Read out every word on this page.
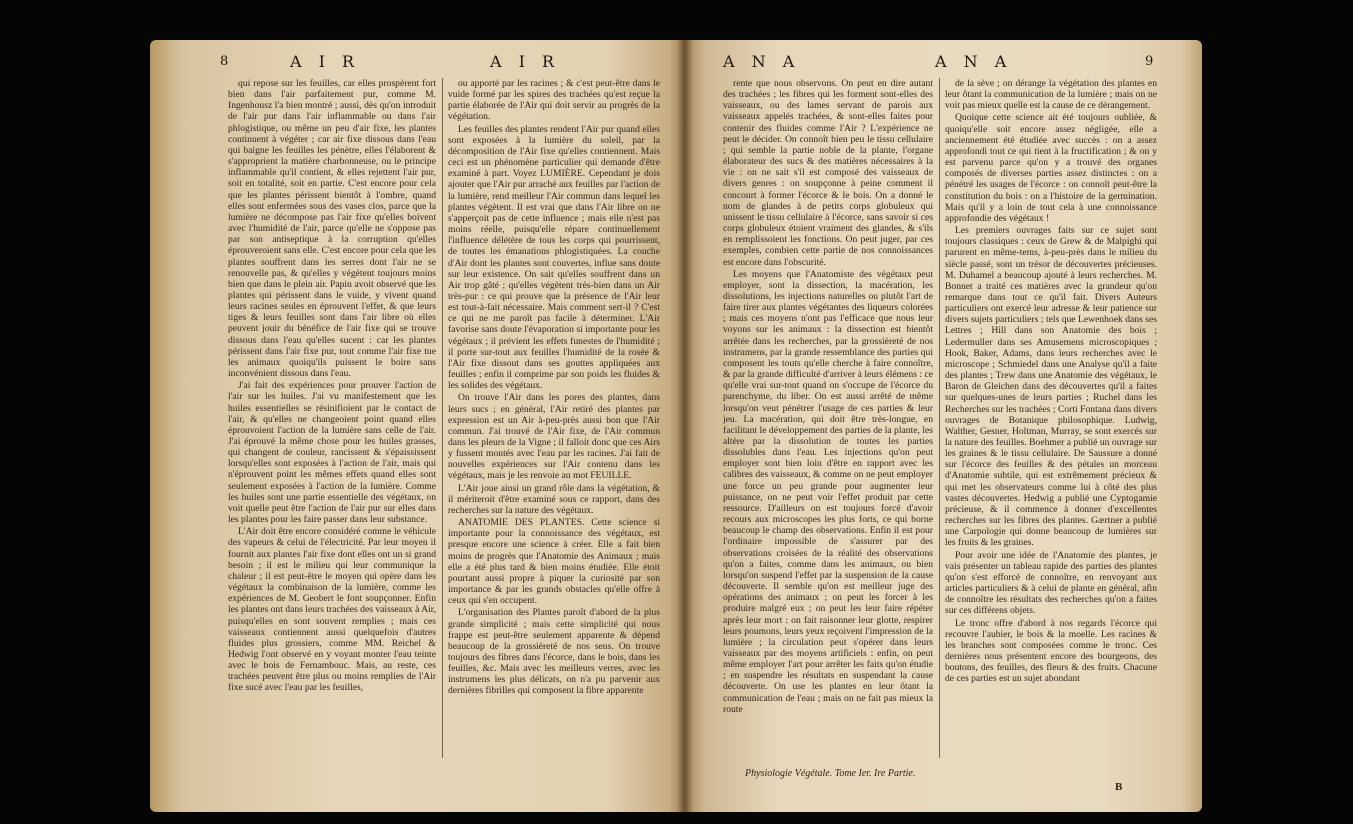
8	A I R	A I R

qui repose sur les feuilles, car elles prospèrent fort bien dans l'air parfaitement pur, comme M. Ingenhousz l'a bien montré ; aussi, dès qu'on introduit de l'air pur dans l'air inflammable ou dans l'air phlogistique, ou même un peu d'air fixe, les plantes continuent à végéter ; car air fixe dissous dans l'eau qui baigne les feuilles les pénètre, elles l'élaborent & s'approprient la matière charbonneuse, ou le principe inflammable qu'il contient, & elles rejettent l'air pur, soit en totalité, soit en partie. C'est encore pour cela que les plantes périssent bientôt à l'ombre, quand elles sont enfermées sous des vases clos, parce que la lumière ne décompose pas l'air fixe qu'elles boivent avec l'humidité de l'air, parce qu'elle ne s'oppose pas par son antiseptique à la corruption qu'elles éprouveroient sans elle. C'est encore pour cela que les plantes souffrent dans les serres dont l'air ne se renouvelle pas, & qu'elles y végètent toujours moins bien que dans le plein air. Papin avoit observé que les plantes qui périssent dans le vuide, y vivent quand leurs racines seules en éprouvent l'effet, & que leurs tiges & leurs feuilles sont dans l'air libre où elles peuvent jouir du bénéfice de l'air fixe qui se trouve dissous dans l'eau qu'elles sucent : car les plantes périssent dans l'air fixe pur, tout comme l'air fixe tue les animaux quoiqu'ils puissent le boire sans inconvénient dissous dans l'eau.

J'ai fait des expériences pour prouver l'action de l'air sur les huiles. J'ai vu manifestement que les huiles essentielles se résinifioient par le contact de l'air, & qu'elles ne changeoient point quand elles éprouvoient l'action de la lumière sans celle de l'air. J'ai éprouvé la même chose pour les huiles grasses, qui changent de couleur, rancissent & s'épaississent lorsqu'elles sont exposées à l'action de l'air, mais qui n'éprouvent point les mêmes effets quand elles sont seulement exposées à l'action de la lumière. Comme les huiles sont une partie essentielle des végétaux, on voit quelle peut être l'action de l'air pur sur elles dans les plantes pour les faire passer dans leur substance.

L'Air doit être encore considéré comme le véhicule des vapeurs & celui de l'électricité. Par leur moyen il fournit aux plantes l'air fixe dont elles ont un si grand besoin ; il est le milieu qui leur communique la chaleur ; il est peut-être le moyen qui opère dans les végétaux la combinaison de la lumière, comme les expériences de M. Geobert le font soupçonner. Enfin les plantes ont dans leurs trachées des vaisseaux à Air, puisqu'elles en sont souvent remplies ; mais ces vaisseaux contiennent aussi quelquefois d'autres fluides plus grossiers, comme MM. Reichel & Hedwig l'ont observé en y voyant monter l'eau teinte avec le bois de Fernambouc. Mais, au reste, ces trachées peuvent être plus ou moins remplies de l'Air fixe sucé avec l'eau par les feuilles,

ou apporté par les racines ; & c'est peut-être dans le vuide formé par les spires des trachées qu'est reçue la partie élaborée de l'Air qui doit servir au progrès de la végétation.

Les feuilles des plantes rendent l'Air pur quand elles sont exposées à la lumière du soleil, par la décomposition de l'Air fixe qu'elles contiennent. Mais ceci est un phénomène particulier qui demande d'être examiné à part. Voyez LUMIÈRE. Cependant je dois ajouter que l'Air pur arraché aux feuilles par l'action de la lumière, rend meilleur l'Air commun dans lequel les plantes végètent. Il est vrai que dans l'Air libre on ne s'apperçoit pas de cette influence ; mais elle n'est pas moins réelle, puisqu'elle répare continuellement l'influence délétère de tous les corps qui pourrissent, de toutes les émanations phlogistiquées. La couche d'Air dont les plantes sont couvertes, influe sans doute sur leur existence. On sait qu'elles souffrent dans un Air trop gâté ; qu'elles végètent très-bien dans un Air très-pur : ce qui prouve que la présence de l'Air leur est tout-à-fait nécessaire. Mais comment sert-il ? C'est ce qui ne me paroît pas facile à déterminer. L'Air favorise sans doute l'évaporation si importante pour les végétaux ; il prévient les effets funestes de l'humidité ; il porte sur-tout aux feuilles l'humidité de la rosée & l'Air fixe dissout dans ses gouttes appliquées aux feuilles ; enfin il comprime par son poids les fluides & les solides des végétaux.

On trouve l'Air dans les pores des plantes, dans leurs sucs ; en général, l'Air retiré des plantes par expression est un Air à-peu-près aussi bon que l'Air commun. J'ai trouvé de l'Air fixe, de l'Air commun dans les pleurs de la Vigne ; il falloit donc que ces Airs y fussent montés avec l'eau par les racines. J'ai fait de nouvelles expériences sur l'Air contenu dans les végétaux, mais je les renvoie au mot FEUILLE.

L'Air joue ainsi un grand rôle dans la végétation, & il mériteroit d'être examiné sous ce rapport, dans des recherches sur la nature des végétaux.

ANATOMIE DES PLANTES. Cette science si importante pour la connoissance des végétaux, est presque encore une science à créer. Elle a fait bien moins de progrès que l'Anatomie des Animaux ; mais elle a été plus tard & bien moins étudiée. Elle étoit pourtant aussi propre à piquer la curiosité par son importance & par les grands obstacles qu'elle offre à ceux qui s'en occupent.

L'organisation des Plantes paroît d'abord de la plus grande simplicité ; mais cette simplicité qui nous frappe est peut-être seulement apparente & dépend beaucoup de la grossièreté de nos sens. On trouve toujours des fibres dans l'écorce, dans le bois, dans les feuilles, &c. Mais avec les meilleurs verres, avec les instrumens les plus délicats, on n'a pu parvenir aux dernières fibrilles qui composent la fibre apparente

A N A	A N A	9

rente que nous observons. On peut en dire autant des trachées ; les fibres qui les forment sont-elles des vaisseaux, ou des lames servant de parois aux vaisseaux appelés trachées, & sont-elles faites pour contenir des fluides comme l'Air ? L'expérience ne peut le décider. On connoît bien peu le tissu cellulaire ; qui semble la partie noble de la plante, l'organe élaborateur des sucs & des matières nécessaires à la vie : on ne sait s'il est composé des vaisseaux de divers genres : on soupçonne à peine comment il concourt à former l'écorce & le bois. On a donné le nom de glandes à de petits corps globuleux qui unissent le tissu cellulaire à l'écorce, sans savoir si ces corps globuleux étoient vraiment des glandes, & s'ils en remplissoient les fonctions. On peut juger, par ces exemples, combien cette partie de nos connoissances est encore dans l'obscurité.

Les moyens que l'Anatomiste des végétaux peut employer, sont la dissection, la macération, les dissolutions, les injections naturelles ou plutôt l'art de faire tirer aux plantes végétantes des liqueurs colorées ; mais ces moyens n'ont pas l'efficace que nous leur voyons sur les animaux : la dissection est bientôt arrêtée dans les recherches, par la grossièreté de nos instrumens, par la grande ressemblance des parties qui composent les touts qu'elle cherche à faire connoître, & par la grande difficulté d'arriver à leurs élémens : ce qu'elle vrai sur-tout quand on s'occupe de l'écorce du parenchyme, du liber. On est aussi arrêté de même lorsqu'on veut pénétrer l'usage de ces parties & leur jeu. La macération, qui doit être très-longue, en facilitant le développement des parties de la plante, les altère par la dissolution de toutes les parties dissolubles dans l'eau. Les injections qu'on peut employer sont bien loin d'être en rapport avec les calibres des vaisseaux, & comme on ne peut employer une force un peu grande pour augmenter leur puissance, on ne peut voir l'effet produit par cette ressource. D'ailleurs on est toujours forcé d'avoir recours aux microscopes les plus forts, ce qui borne beaucoup le champ des observations. Enfin il est pour l'ordinaire impossible de s'assurer par des observations croisées de la réalité des observations qu'on a faites, comme dans les animaux, ou bien lorsqu'on suspend l'effet par la suspension de la cause découverte. Il semble qu'on est meilleur juge des opérations des animaux ; on peut les forcer à les produire malgré eux ; on peut les leur faire répéter après leur mort : on fait raisonner leur glotte, respirer leurs poumons, leurs yeux reçoivent l'impression de la lumière ; la circulation peut s'opérer dans leurs vaisseaux par des moyens artificiels : enfin, on peut même employer l'art pour arrêter les faits qu'on étudie ; en suspendre les résultats en suspendant la cause découverte. On use les plantes en leur ôtant la communication de l'eau ; mais on ne fait pas mieux la route

de la sève ; on dérange la végétation des plantes en leur ôtant la communication de la lumière ; mais on ne voit pas mieux quelle est la cause de ce dérangement.

Quoique cette science ait été toujours oubliée, & quoiqu'elle soit encore assez négligée, elle a anciennement été étudiée avec succès : on a assez approfondi tout ce qui tient à la fructification ; & on y est parvenu parce qu'on y a trouvé des organes composés de diverses parties assez distinctes : on a pénétré les usages de l'écorce : on connoît peut-être la constitution du bois : on a l'histoire de la germination. Mais qu'il y a loin de tout cela à une connoissance approfondie des végétaux !

Les premiers ouvrages faits sur ce sujet sont toujours classiques : ceux de Grew & de Malpighi qui parurent en même-tems, à-peu-près dans le milieu du siècle passé, sont un trésor de découvertes précieuses. M. Duhamel a beaucoup ajouté à leurs recherches. M. Bonnet a traité ces matières avec la grandeur qu'on remarque dans tout ce qu'il fait. Divers Auteurs particuliers ont exercé leur adresse & leur patience sur divers sujets particuliers ; tels que Lewenhoek dans ses Lettres ; Hill dans son Anatomie des bois ; Ledermuller dans ses Amusemens microscopiques ; Hook, Baker, Adams, dans leurs recherches avec le microscope ; Schmiedel dans une Analyse qu'il a faite des plantes ; Trew dans une Anatomie des végétaux, le Baron de Gleichen dans des découvertes qu'il a faites sur quelques-unes de leurs parties ; Ruchel dans les Recherches sur les trachées ; Corti Fontana dans divers ouvrages de Botanique philosophique. Ludwig, Walther, Gesner, Holtman, Murray, se sont exercés sur la nature des feuilles. Boehmer a publié un ouvrage sur les graines & le tissu cellulaire. De Saussure a donné sur l'écorce des feuilles & des pétales un morceau d'Anatomie subtile, qui est extrêmement précieux & qui met les observateurs comme lui à côté des plus vastes découvertes. Hedwig a publié une Cyptogamie précieuse, & il commence à donner d'excellentes recherches sur les fibres des plantes. Gærtner a publié une Carpologie qui donne beaucoup de lumières sur les fruits & les graines.

Pour avoir une idée de l'Anatomie des plantes, je vais présenter un tableau rapide des parties des plantes qu'on s'est efforcé de connoître, en renvoyant aux articles particuliers & à celui de plante en général, afin de connoître les résultats des recherches qu'on a faites sur ces différens objets.

Le tronc offre d'abord à nos regards l'écorce qui recouvre l'aubier, le bois & la moelle. Les racines & les branches sont composées comme le tronc. Ces dernières nous présentent encore des bourgeons, des boutons, des feuilles, des fleurs & des fruits. Chacune de ces parties est un sujet abondant

Physiologie Végétale. Tome Ier. Ire Partie.
B
